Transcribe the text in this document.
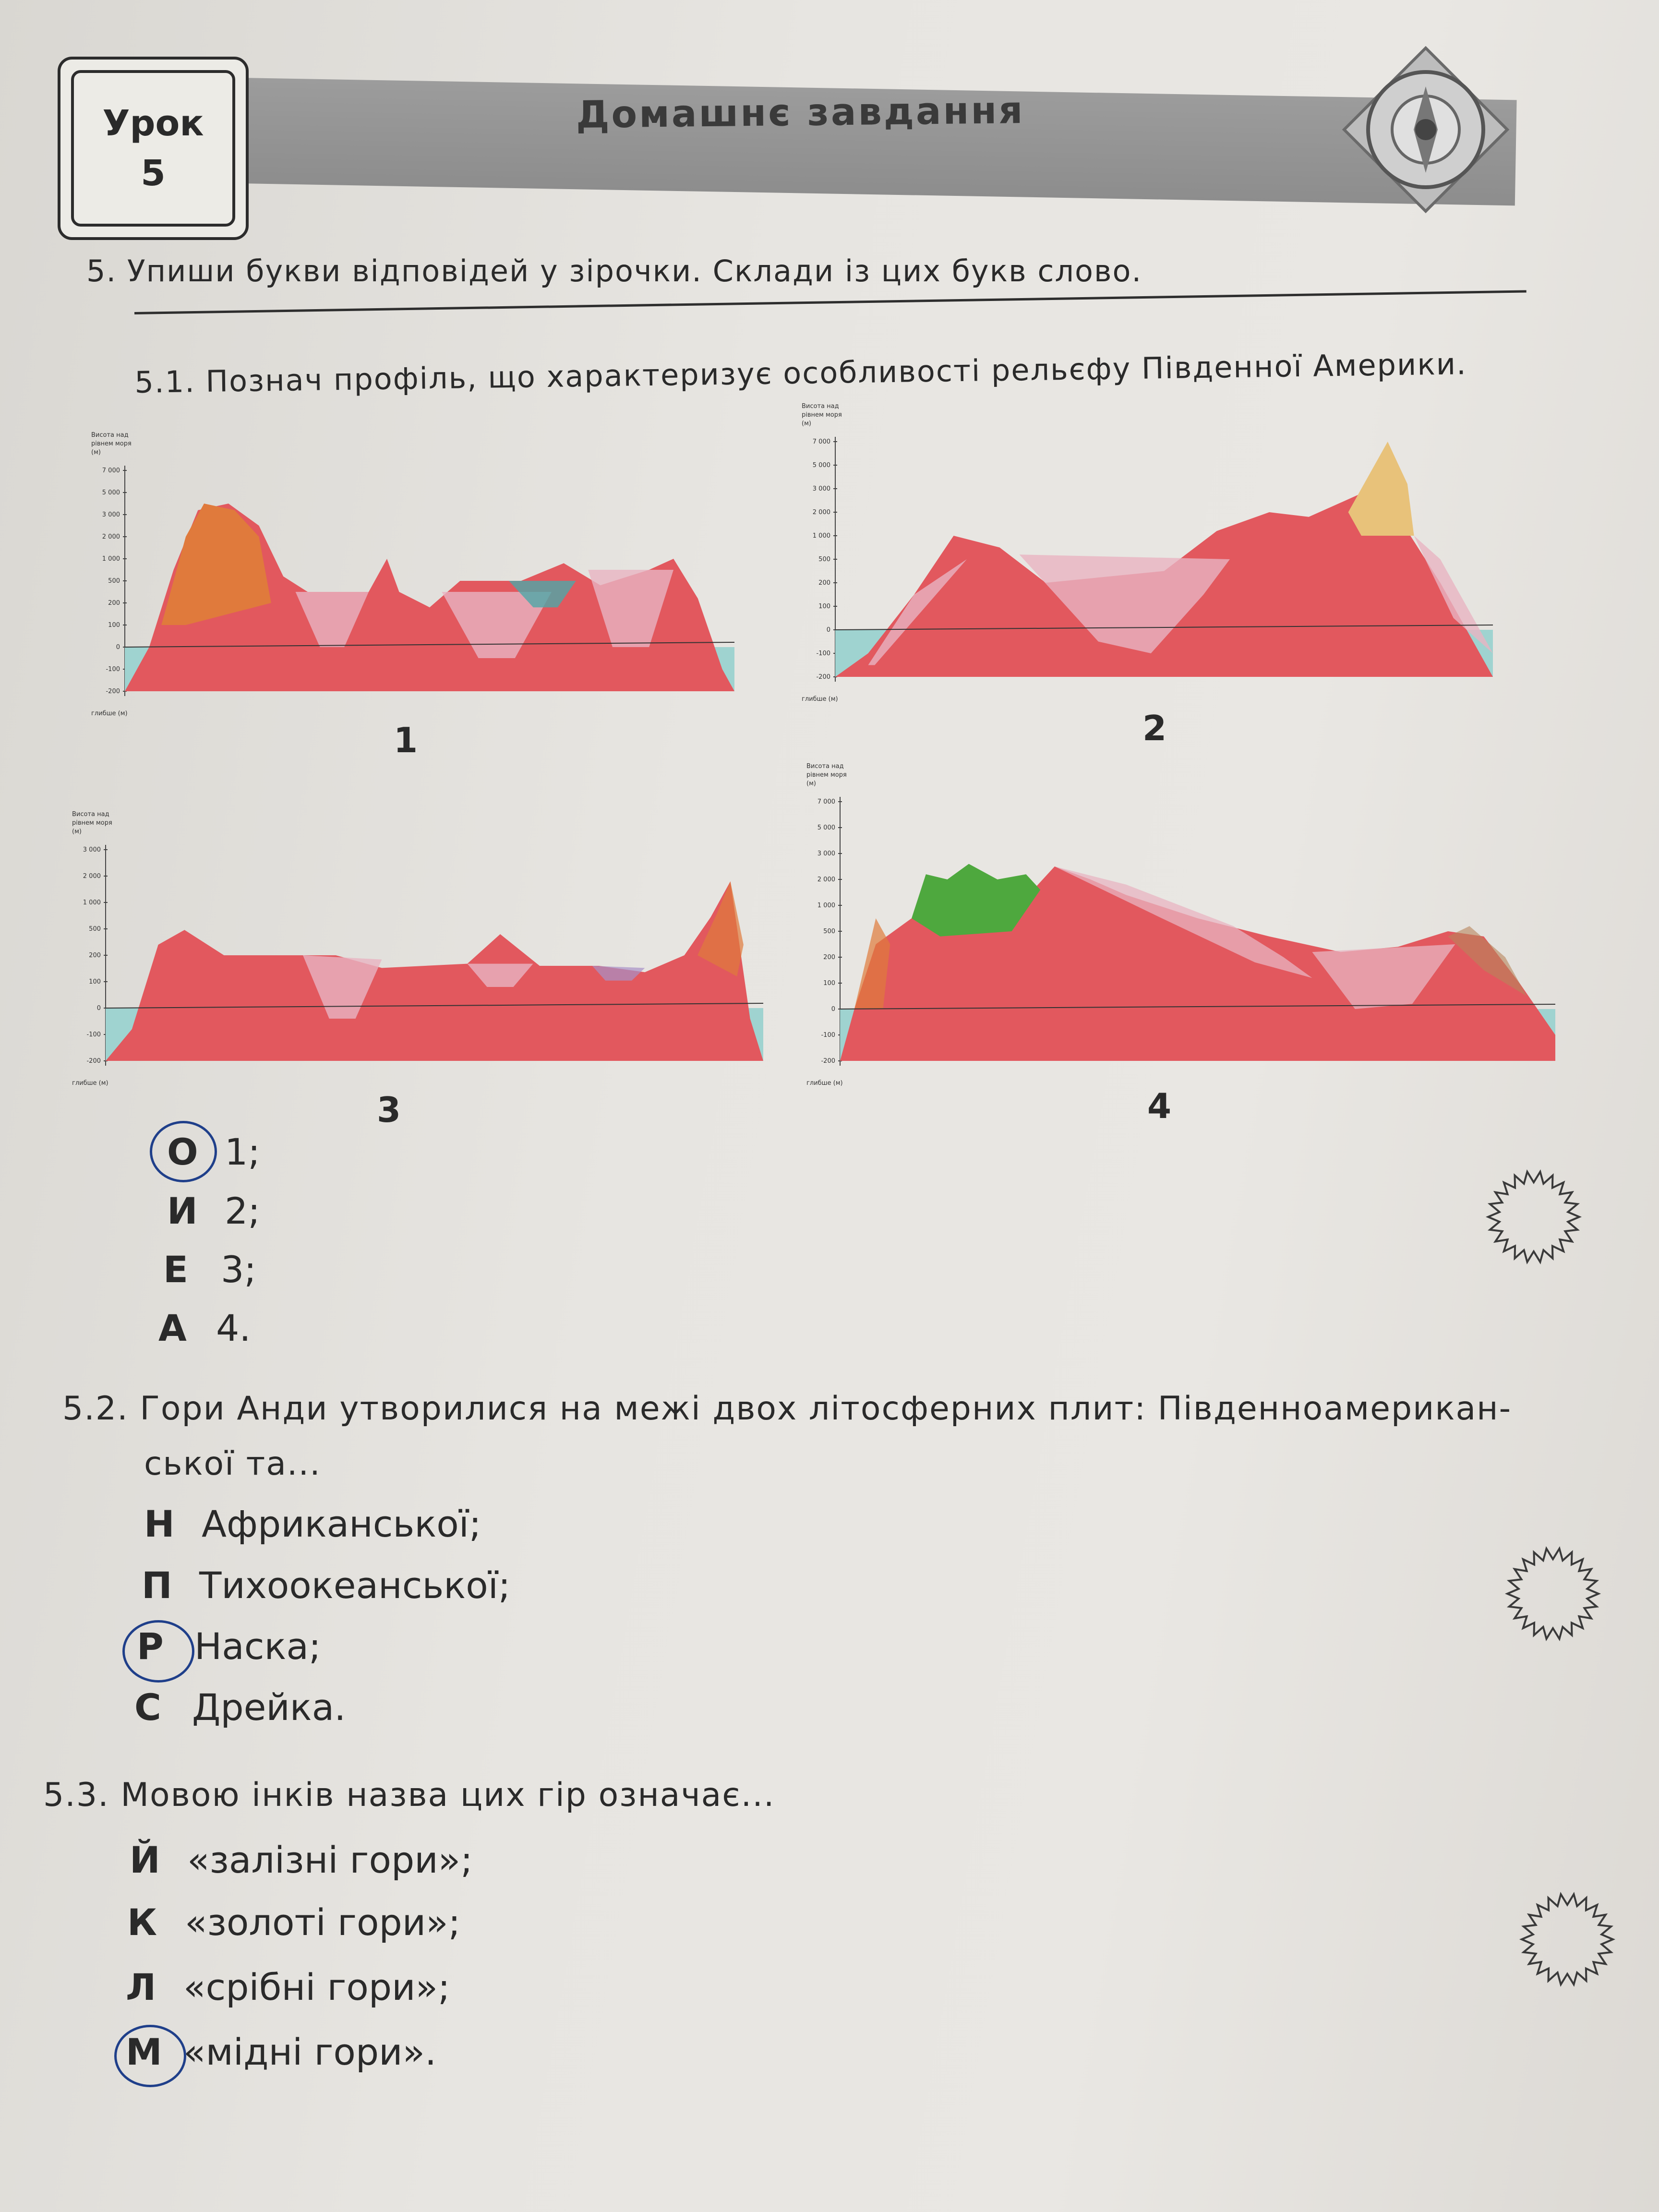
Урок
5
Домашнє завдання
5. Упиши букви відповідей у зірочки. Склади із цих букв слово.
5.1. Познач профіль, що характеризує особливості рельєфу Південної Америки.
Висота над
рівнем моря
(м)
7 000
5 000
3 000
2 000
1 000
500
200
100
0
-100
-200
глибше (м)
Висота над
рівнем моря
(м)
7 000
5 000
3 000
2 000
1 000
500
200
100
0
-100
-200
глибше (м)
Висота над
рівнем моря
(м)
3 000
2 000
1 000
500
200
100
0
-100
-200
глибше (м)
Висота над
рівнем моря
(м)
7 000
5 000
3 000
2 000
1 000
500
200
100
0
-100
-200
глибше (м)
1	2
3	4
О 1;
И 2;
Е 3;
А 4.
5.2. Гори Анди утворилися на межі двох літосферних плит: Південноамерикан-
ської та...
Н Африканської;
П Тихоокеанської;
Р Наска;
С Дрейка.
5.3. Мовою інків назва цих гір означає...
Й «залізні гори»;
К «золоті гори»;
Л «срібні гори»;
М «мідні гори».
